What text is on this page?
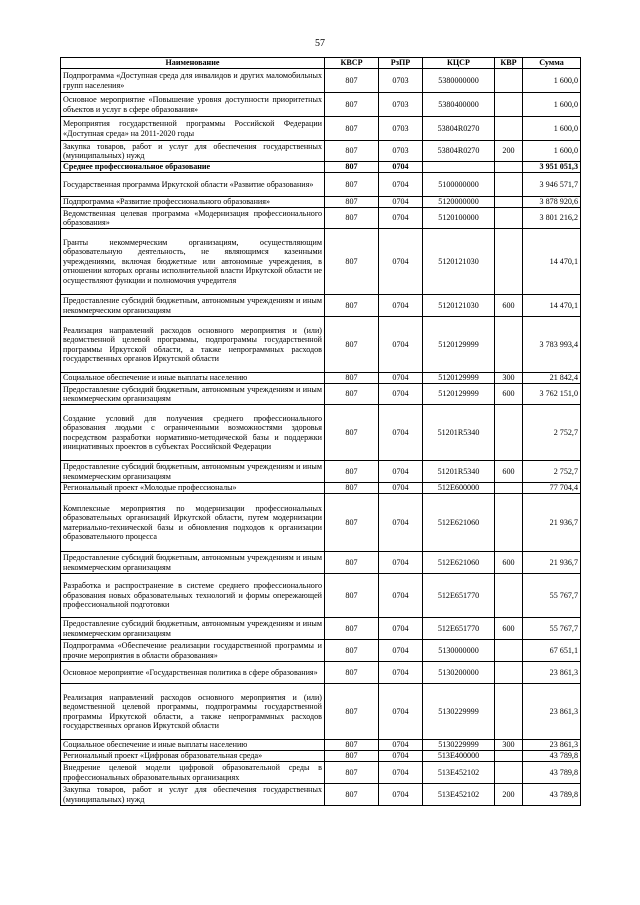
57
Наименование	КВСР	РзПР	КЦСР	КВР	Сумма
Подпрограмма «Доступная среда для инвалидов и других маломобильных групп населения»	807	0703	5380000000		1 600,0
Основное мероприятие «Повышение уровня доступности приоритетных объектов и услуг в сфере образования»	807	0703	5380400000		1 600,0
Мероприятия государственной программы Российской Федерации «Доступная среда» на 2011-2020 годы	807	0703	53804R0270		1 600,0
Закупка товаров, работ и услуг для обеспечения государственных (муниципальных) нужд	807	0703	53804R0270	200	1 600,0
Среднее профессиональное образование	807	0704			3 951 051,3
Государственная программа Иркутской области «Развитие образования»	807	0704	5100000000		3 946 571,7
Подпрограмма «Развитие профессионального образования»	807	0704	5120000000		3 878 920,6
Ведомственная целевая программа «Модернизация профессионального образования»	807	0704	5120100000		3 801 216,2
Гранты некоммерческим организациям, осуществляющим образовательную деятельность, не являющимся казенными учреждениями, включая бюджетные или автономные учреждения, в отношении которых органы исполнительной власти Иркутской области не осуществляют функции и полномочия учредителя	807	0704	5120121030		14 470,1
Предоставление субсидий бюджетным, автономным учреждениям и иным некоммерческим организациям	807	0704	5120121030	600	14 470,1
Реализация направлений расходов основного мероприятия и (или) ведомственной целевой программы, подпрограммы государственной программы Иркутской области, а также непрограммных расходов государственных органов Иркутской области	807	0704	5120129999		3 783 993,4
Социальное обеспечение и иные выплаты населению	807	0704	5120129999	300	21 842,4
Предоставление субсидий бюджетным, автономным учреждениям и иным некоммерческим организациям	807	0704	5120129999	600	3 762 151,0
Создание условий для получения среднего профессионального образования людьми с ограниченными возможностями здоровья посредством разработки нормативно-методической базы и поддержки инициативных проектов в субъектах Российской Федерации	807	0704	51201R5340		2 752,7
Предоставление субсидий бюджетным, автономным учреждениям и иным некоммерческим организациям	807	0704	51201R5340	600	2 752,7
Региональный проект «Молодые профессионалы»	807	0704	512E600000		77 704,4
Комплексные мероприятия по модернизации профессиональных образовательных организаций Иркутской области, путем модернизации материально-технической базы и обновления подходов к организации образовательного процесса	807	0704	512E621060		21 936,7
Предоставление субсидий бюджетным, автономным учреждениям и иным некоммерческим организациям	807	0704	512E621060	600	21 936,7
Разработка и распространение в системе среднего профессионального образования новых образовательных технологий и формы опережающей профессиональной подготовки	807	0704	512E651770		55 767,7
Предоставление субсидий бюджетным, автономным учреждениям и иным некоммерческим организациям	807	0704	512E651770	600	55 767,7
Подпрограмма «Обеспечение реализации государственной программы и прочие мероприятия в области образования»	807	0704	5130000000		67 651,1
Основное мероприятие «Государственная политика в сфере образования»	807	0704	5130200000		23 861,3
Реализация направлений расходов основного мероприятия и (или) ведомственной целевой программы, подпрограммы государственной программы Иркутской области, а также непрограммных расходов государственных органов Иркутской области	807	0704	5130229999		23 861,3
Социальное обеспечение и иные выплаты населению	807	0704	5130229999	300	23 861,3
Региональный проект «Цифровая образовательная среда»	807	0704	513E400000		43 789,8
Внедрение целевой модели цифровой образовательной среды в профессиональных образовательных организациях	807	0704	513E452102		43 789,8
Закупка товаров, работ и услуг для обеспечения государственных (муниципальных) нужд	807	0704	513E452102	200	43 789,8
